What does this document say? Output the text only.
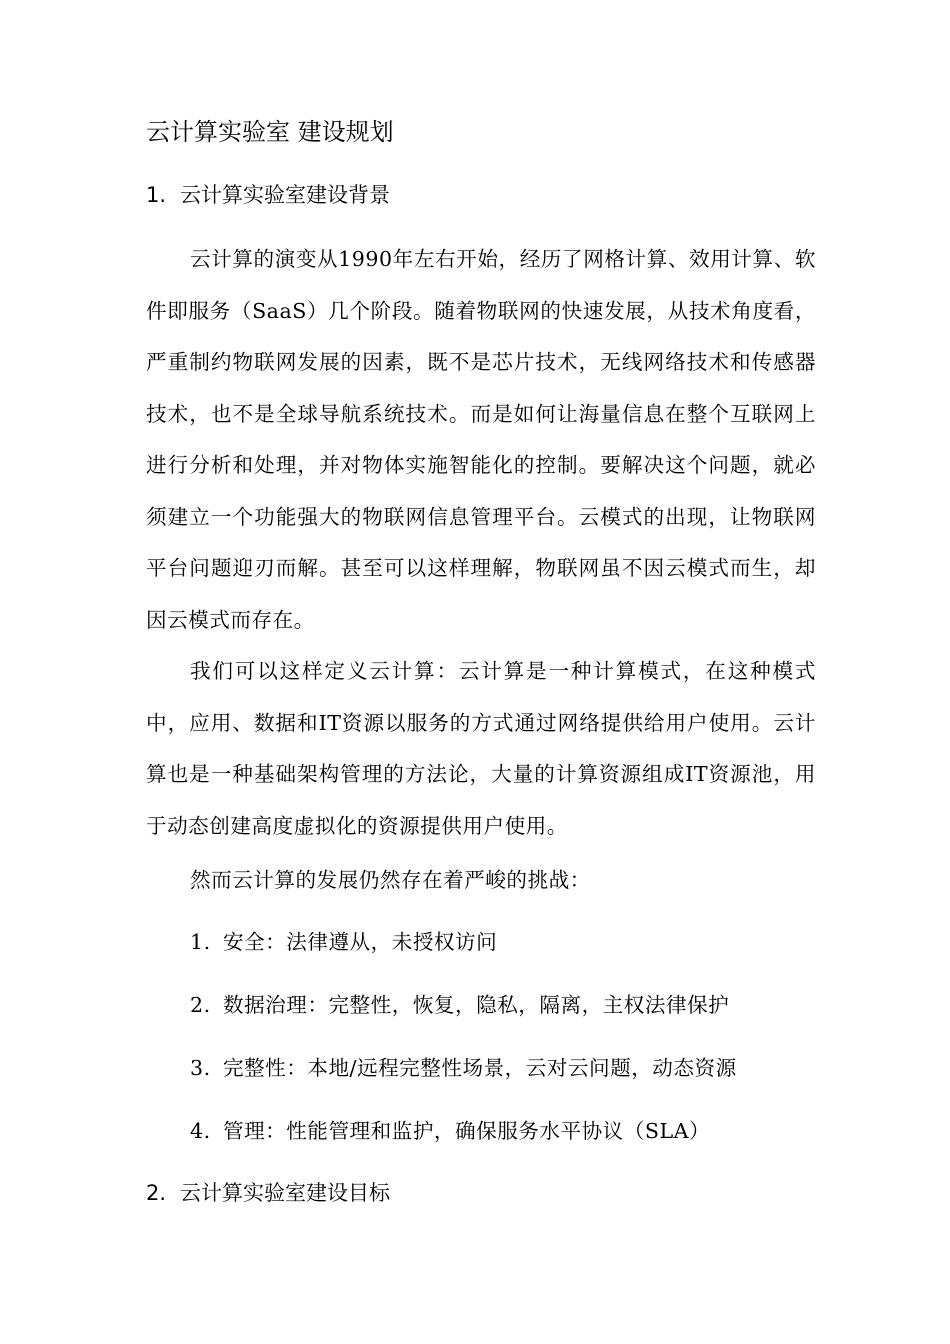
云计算实验室 建设规划
1. 云计算实验室建设背景

云计算的演变从1990年左右开始，经历了网格计算、效用计算、软件即服务（SaaS）几个阶段。随着物联网的快速发展，从技术角度看，严重制约物联网发展的因素，既不是芯片技术，无线网络技术和传感器技术，也不是全球导航系统技术。而是如何让海量信息在整个互联网上进行分析和处理，并对物体实施智能化的控制。要解决这个问题，就必须建立一个功能强大的物联网信息管理平台。云模式的出现，让物联网平台问题迎刃而解。甚至可以这样理解，物联网虽不因云模式而生，却因云模式而存在。

我们可以这样定义云计算：云计算是一种计算模式，在这种模式中，应用、数据和IT资源以服务的方式通过网络提供给用户使用。云计算也是一种基础架构管理的方法论，大量的计算资源组成IT资源池，用于动态创建高度虚拟化的资源提供用户使用。

然而云计算的发展仍然存在着严峻的挑战：

1. 安全：法律遵从，未授权访问
2. 数据治理：完整性，恢复，隐私，隔离，主权法律保护
3. 完整性：本地/远程完整性场景，云对云问题，动态资源
4. 管理：性能管理和监护，确保服务水平协议（SLA）
2. 云计算实验室建设目标
